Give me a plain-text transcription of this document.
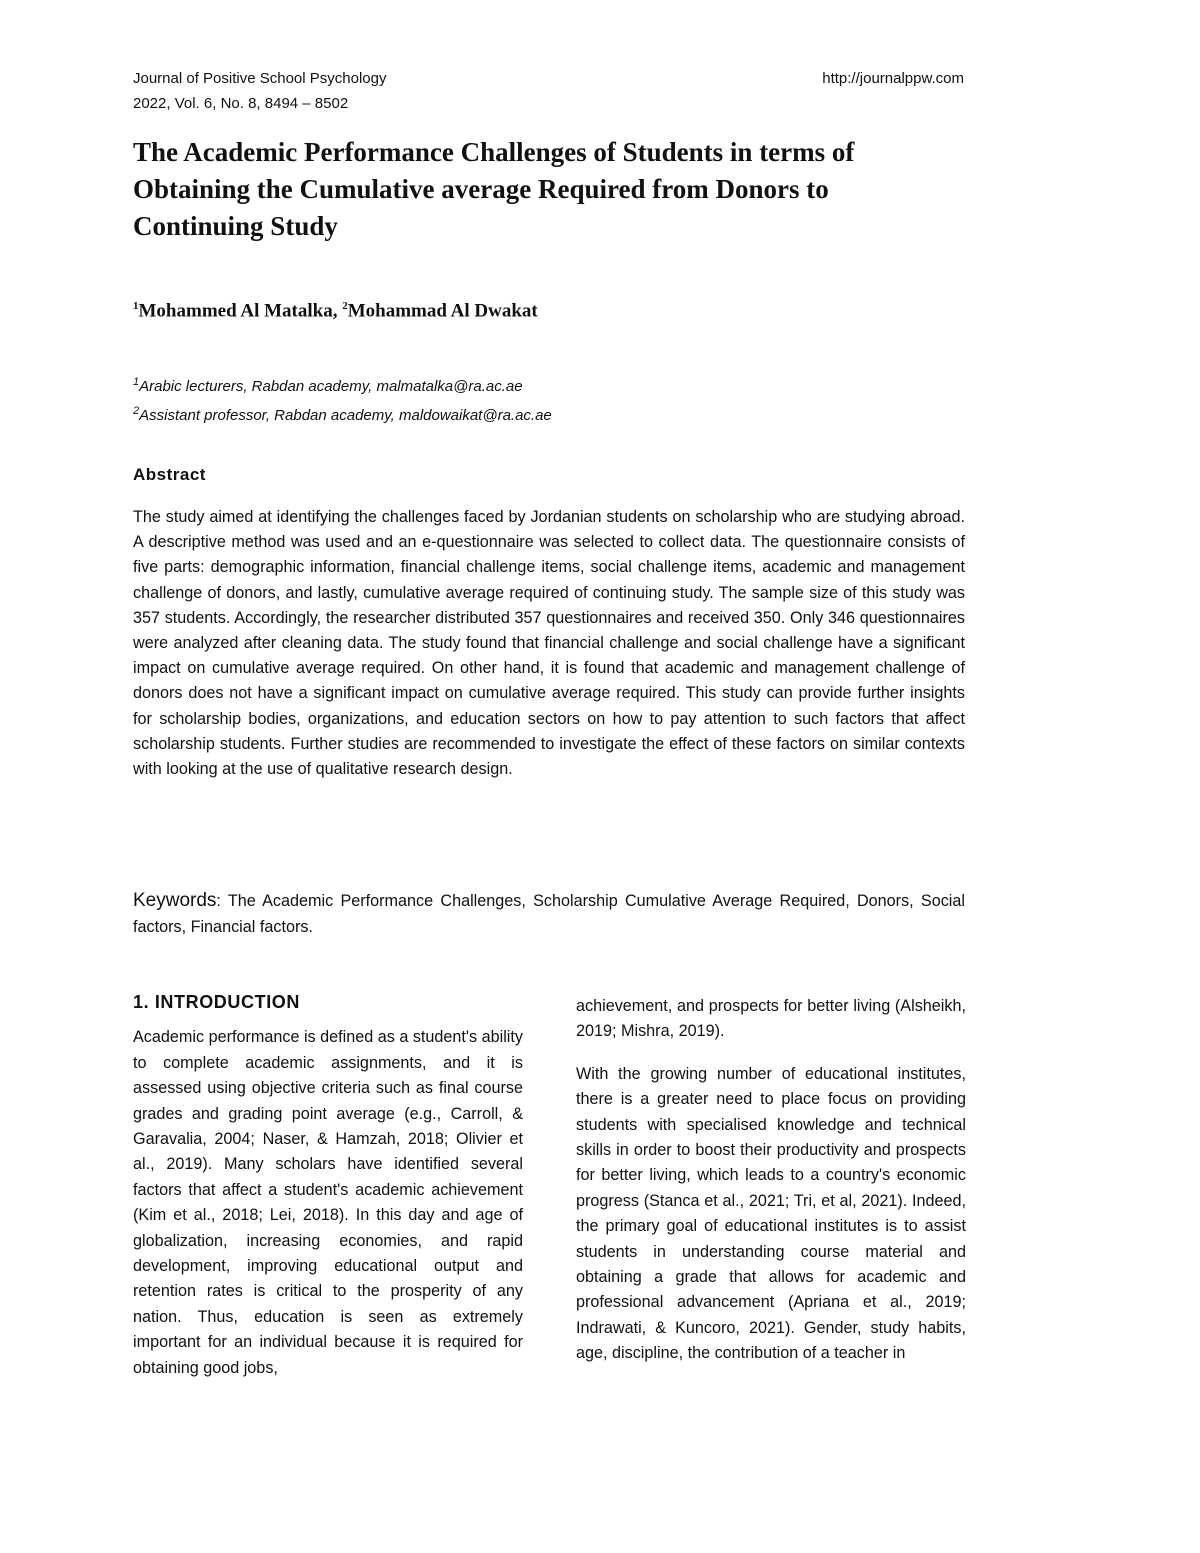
Journal of Positive School Psychology
2022, Vol. 6, No. 8, 8494 – 8502
http://journalppw.com
The Academic Performance Challenges of Students in terms of Obtaining the Cumulative average Required from Donors to Continuing Study

$^1$Mohammed Al Matalka, $^2$Mohammad Al Dwakat

$^1$Arabic lecturers, Rabdan academy, malmatalka@ra.ac.ae
$^2$Assistant professor, Rabdan academy, maldowaikat@ra.ac.ae
Abstract

The study aimed at identifying the challenges faced by Jordanian students on scholarship who are studying abroad. A descriptive method was used and an e-questionnaire was selected to collect data. The questionnaire consists of five parts: demographic information, financial challenge items, social challenge items, academic and management challenge of donors, and lastly, cumulative average required of continuing study. The sample size of this study was 357 students. Accordingly, the researcher distributed 357 questionnaires and received 350. Only 346 questionnaires were analyzed after cleaning data. The study found that financial challenge and social challenge have a significant impact on cumulative average required. On other hand, it is found that academic and management challenge of donors does not have a significant impact on cumulative average required. This study can provide further insights for scholarship bodies, organizations, and education sectors on how to pay attention to such factors that affect scholarship students. Further studies are recommended to investigate the effect of these factors on similar contexts with looking at the use of qualitative research design.

Keywords: The Academic Performance Challenges, Scholarship Cumulative Average Required, Donors, Social factors, Financial factors.

1. INTRODUCTION

Academic performance is defined as a student's ability to complete academic assignments, and it is assessed using objective criteria such as final course grades and grading point average (e.g., Carroll, & Garavalia, 2004; Naser, & Hamzah, 2018; Olivier et al., 2019). Many scholars have identified several factors that affect a student's academic achievement (Kim et al., 2018; Lei, 2018). In this day and age of globalization, increasing economies, and rapid development, improving educational output and retention rates is critical to the prosperity of any nation. Thus, education is seen as extremely important for an individual because it is required for obtaining good jobs,

achievement, and prospects for better living (Alsheikh, 2019; Mishra, 2019).

With the growing number of educational institutes, there is a greater need to place focus on providing students with specialised knowledge and technical skills in order to boost their productivity and prospects for better living, which leads to a country's economic progress (Stanca et al., 2021; Tri, et al, 2021). Indeed, the primary goal of educational institutes is to assist students in understanding course material and obtaining a grade that allows for academic and professional advancement (Apriana et al., 2019; Indrawati, & Kuncoro, 2021). Gender, study habits, age, discipline, the contribution of a teacher in
